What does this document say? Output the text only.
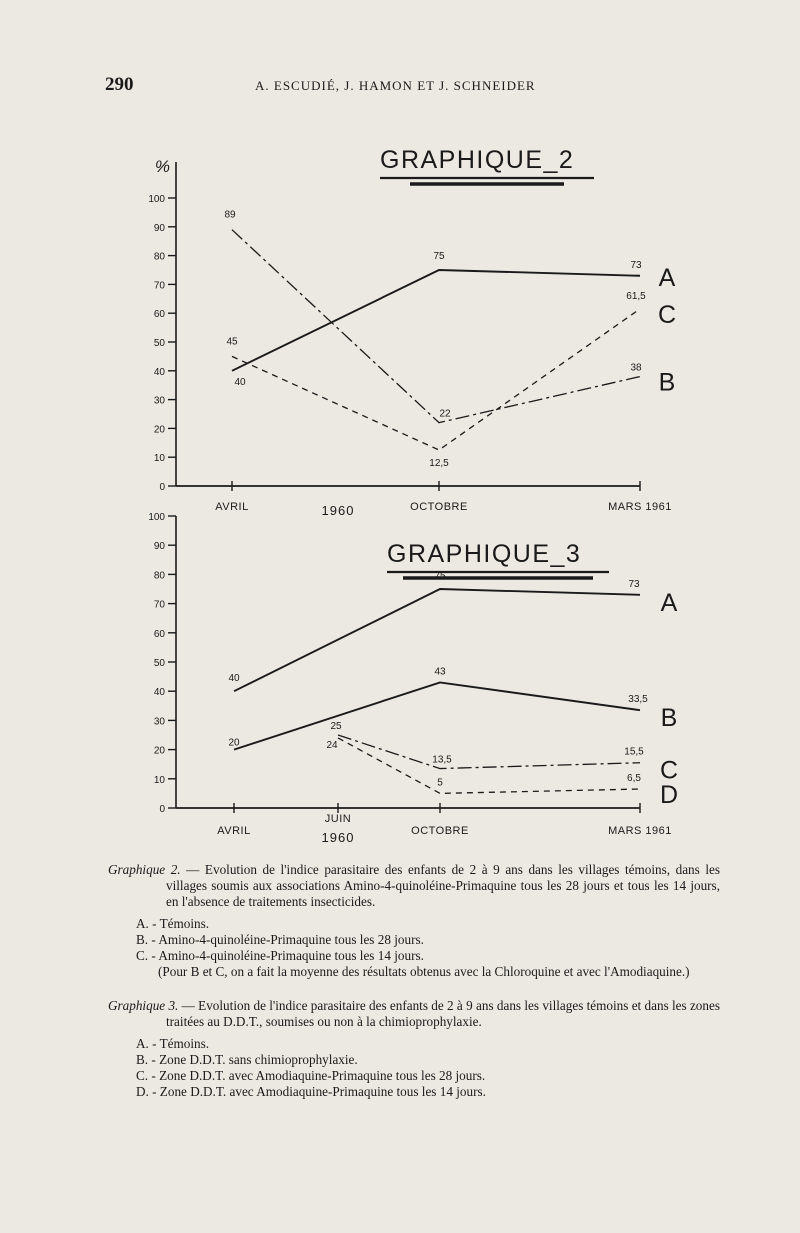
290	A. ESCUDIÉ, J. HAMON ET J. SCHNEIDER
0
10
20
30
40
50
60
70
80
90
100
%	GRAPHIQUE_2
AVRIL	OCTOBRE	MARS 1961
1960
40
75
73 A
89
22
38
B
45
12,5
61,5
C
0
10
20
30
40
50
60
70
80
90
100
GRAPHIQUE_3
AVRIL
JUIN
OCTOBRE	MARS 1961
1960
40
75
73
A
20
43
33,5
B
25
13,5
15,5
C
24
5	6,5
D

Graphique 2. — Evolution de l'indice parasitaire des enfants de 2 à 9 ans dans les villages témoins, dans les villages soumis aux associations Amino-4-quinoléine-Primaquine tous les 28 jours et tous les 14 jours, en l'absence de traitements insecticides.

A. - Témoins.
B. - Amino-4-quinoléine-Primaquine tous les 28 jours.
C. - Amino-4-quinoléine-Primaquine tous les 14 jours.

(Pour B et C, on a fait la moyenne des résultats obtenus avec la Chloroquine et avec l'Amodiaquine.)

Graphique 3. — Evolution de l'indice parasitaire des enfants de 2 à 9 ans dans les villages témoins et dans les zones traitées au D.D.T., soumises ou non à la chimioprophylaxie.

A. - Témoins.
B. - Zone D.D.T. sans chimioprophylaxie.
C. - Zone D.D.T. avec Amodiaquine-Primaquine tous les 28 jours.
D. - Zone D.D.T. avec Amodiaquine-Primaquine tous les 14 jours.
